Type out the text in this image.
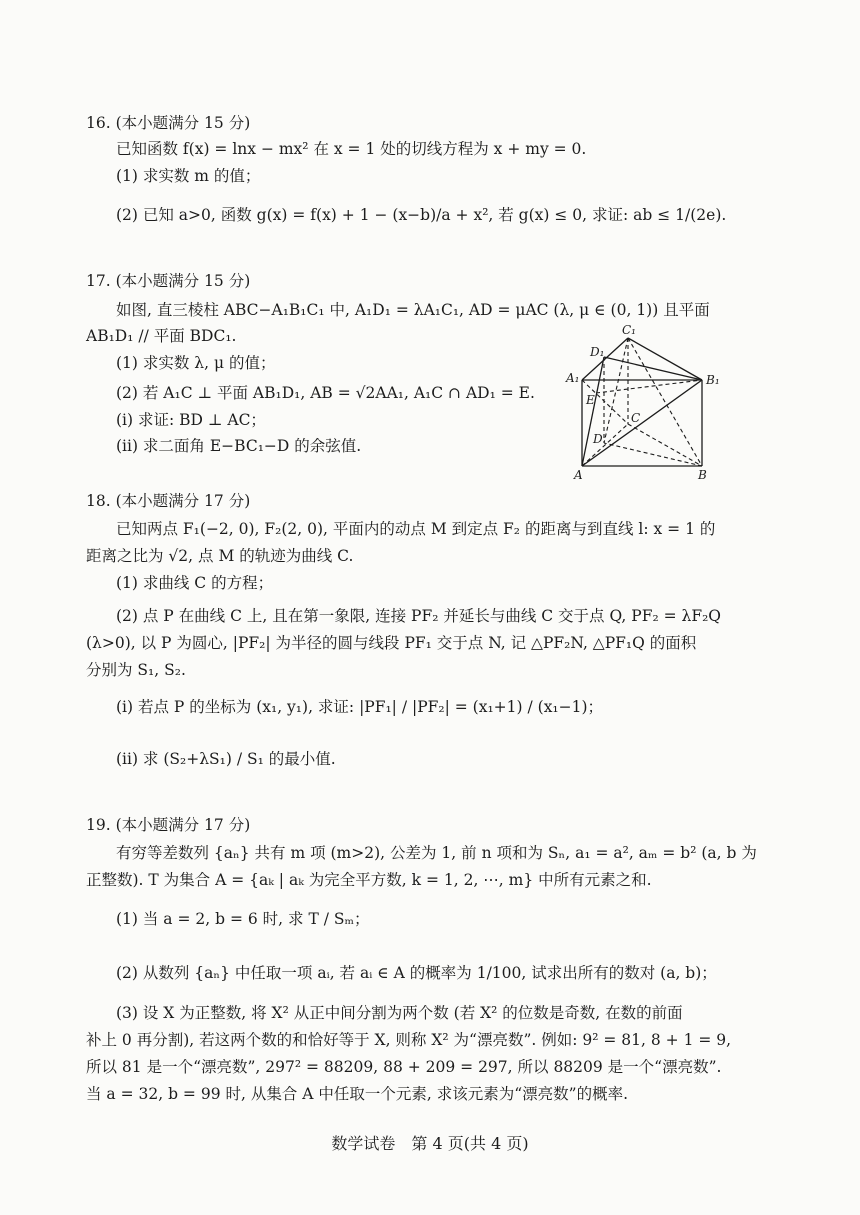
16. (本小题满分 15 分)
已知函数 f(x) = lnx − mx² 在 x = 1 处的切线方程为 x + my = 0.
(1) 求实数 m 的值；
(2) 已知 a>0, 函数 g(x) = f(x) + 1 − (x−b)/a + x², 若 g(x) ≤ 0, 求证: ab ≤ 1/(2e).
17. (本小题满分 15 分)
如图, 直三棱柱 ABC−A₁B₁C₁ 中, A₁D₁ = λA₁C₁, AD = μAC (λ, μ ∈ (0, 1)) 且平面
AB₁D₁ // 平面 BDC₁.
(1) 求实数 λ, μ 的值；
(2) 若 A₁C ⊥ 平面 AB₁D₁, AB = √2AA₁, A₁C ∩ AD₁ = E.
(i) 求证: BD ⊥ AC；
(ii) 求二面角 E−BC₁−D 的余弦值.
C₁
D₁
A₁	B₁
E
C
D
A	B
18. (本小题满分 17 分)
已知两点 F₁(−2, 0), F₂(2, 0), 平面内的动点 M 到定点 F₂ 的距离与到直线 l: x = 1 的
距离之比为 √2, 点 M 的轨迹为曲线 C.
(1) 求曲线 C 的方程；
(2) 点 P 在曲线 C 上, 且在第一象限, 连接 PF₂ 并延长与曲线 C 交于点 Q, PF₂ = λF₂Q
(λ>0), 以 P 为圆心, |PF₂| 为半径的圆与线段 PF₁ 交于点 N, 记 △PF₂N, △PF₁Q 的面积
分别为 S₁, S₂.
(i) 若点 P 的坐标为 (x₁, y₁), 求证: |PF₁| / |PF₂| = (x₁+1) / (x₁−1)；
(ii) 求 (S₂+λS₁) / S₁ 的最小值.
19. (本小题满分 17 分)
有穷等差数列 {aₙ} 共有 m 项 (m>2), 公差为 1, 前 n 项和为 Sₙ, a₁ = a², aₘ = b² (a, b 为
正整数). T 为集合 A = {aₖ | aₖ 为完全平方数, k = 1, 2, ⋯, m} 中所有元素之和.
(1) 当 a = 2, b = 6 时, 求 T / Sₘ；
(2) 从数列 {aₙ} 中任取一项 aᵢ, 若 aᵢ ∈ A 的概率为 1/100, 试求出所有的数对 (a, b)；
(3) 设 X 为正整数, 将 X² 从正中间分割为两个数 (若 X² 的位数是奇数, 在数的前面
补上 0 再分割), 若这两个数的和恰好等于 X, 则称 X² 为“漂亮数”. 例如: 9² = 81, 8 + 1 = 9,
所以 81 是一个“漂亮数”, 297² = 88209, 88 + 209 = 297, 所以 88209 是一个“漂亮数”.
当 a = 32, b = 99 时, 从集合 A 中任取一个元素, 求该元素为“漂亮数”的概率.
数学试卷　第 4 页(共 4 页)
